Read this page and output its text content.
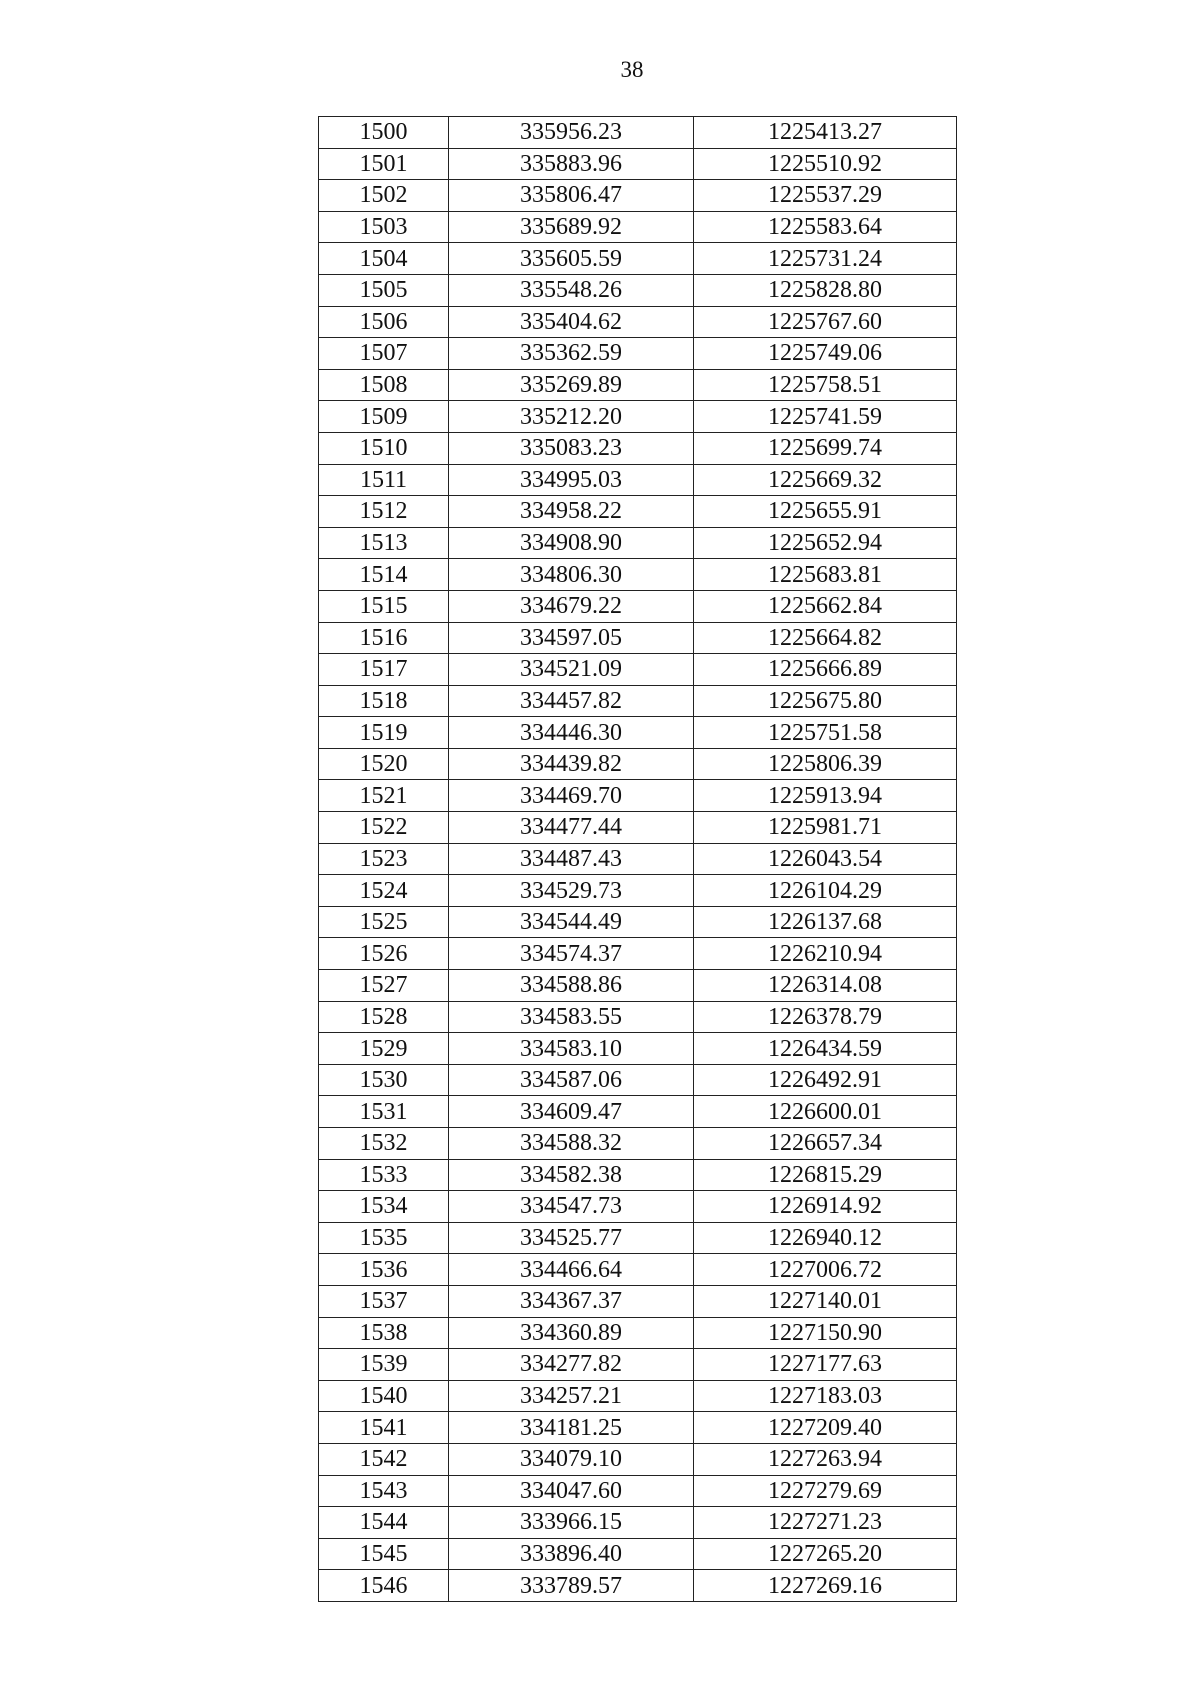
38
1500	335956.23	1225413.27
1501	335883.96	1225510.92
1502	335806.47	1225537.29
1503	335689.92	1225583.64
1504	335605.59	1225731.24
1505	335548.26	1225828.80
1506	335404.62	1225767.60
1507	335362.59	1225749.06
1508	335269.89	1225758.51
1509	335212.20	1225741.59
1510	335083.23	1225699.74
1511	334995.03	1225669.32
1512	334958.22	1225655.91
1513	334908.90	1225652.94
1514	334806.30	1225683.81
1515	334679.22	1225662.84
1516	334597.05	1225664.82
1517	334521.09	1225666.89
1518	334457.82	1225675.80
1519	334446.30	1225751.58
1520	334439.82	1225806.39
1521	334469.70	1225913.94
1522	334477.44	1225981.71
1523	334487.43	1226043.54
1524	334529.73	1226104.29
1525	334544.49	1226137.68
1526	334574.37	1226210.94
1527	334588.86	1226314.08
1528	334583.55	1226378.79
1529	334583.10	1226434.59
1530	334587.06	1226492.91
1531	334609.47	1226600.01
1532	334588.32	1226657.34
1533	334582.38	1226815.29
1534	334547.73	1226914.92
1535	334525.77	1226940.12
1536	334466.64	1227006.72
1537	334367.37	1227140.01
1538	334360.89	1227150.90
1539	334277.82	1227177.63
1540	334257.21	1227183.03
1541	334181.25	1227209.40
1542	334079.10	1227263.94
1543	334047.60	1227279.69
1544	333966.15	1227271.23
1545	333896.40	1227265.20
1546	333789.57	1227269.16
